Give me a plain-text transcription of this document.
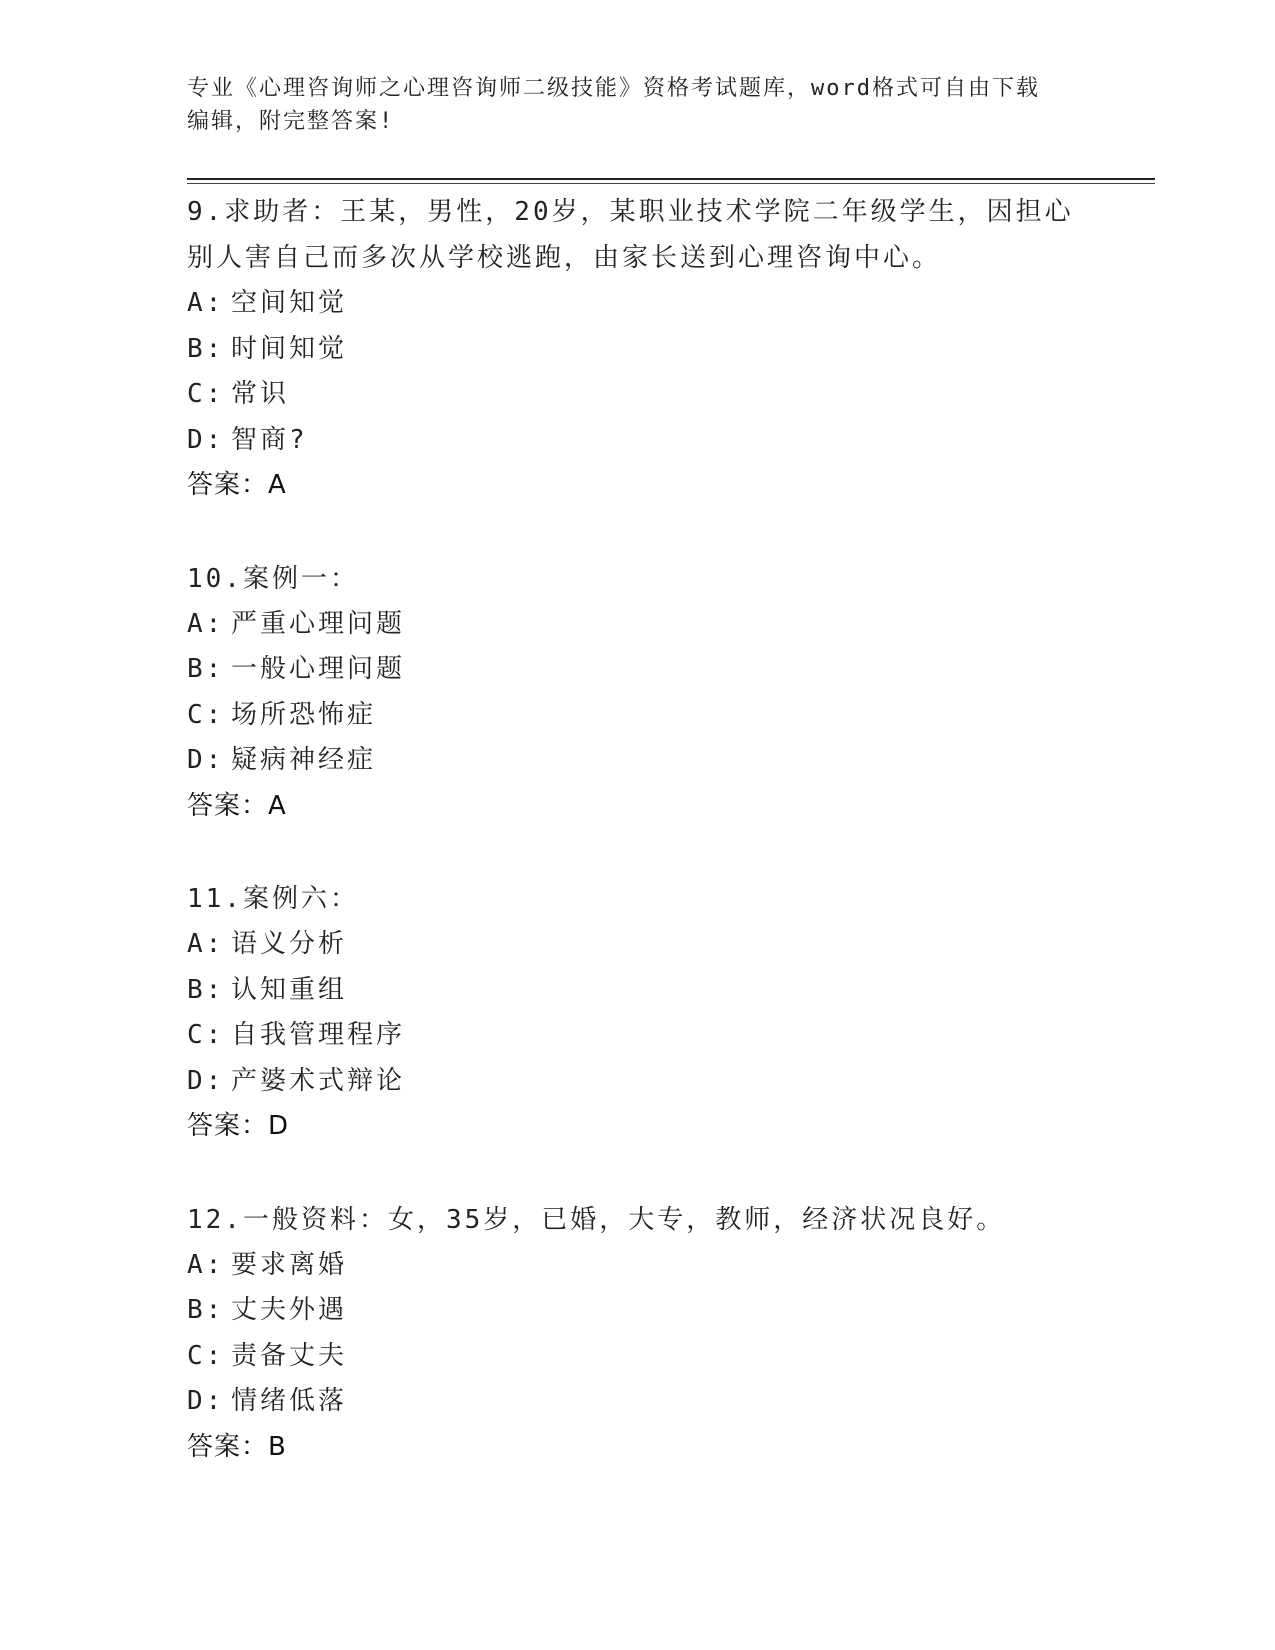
专业《心理咨询师之心理咨询师二级技能》资格考试题库，word格式可自由下载
编辑，附完整答案!
9.求助者：王某，男性，20岁，某职业技术学院二年级学生，因担心别人害自己而多次从学校逃跑，由家长送到心理咨询中心。
A: 空间知觉
B: 时间知觉
C: 常识
D: 智商?
答案：A
10.案例一：
A: 严重心理问题
B: 一般心理问题
C: 场所恐怖症
D: 疑病神经症
答案：A
11.案例六：
A: 语义分析
B: 认知重组
C: 自我管理程序
D: 产婆术式辩论
答案：D
12.一般资料：女，35岁，已婚，大专，教师，经济状况良好。
A: 要求离婚
B: 丈夫外遇
C: 责备丈夫
D: 情绪低落
答案：B
